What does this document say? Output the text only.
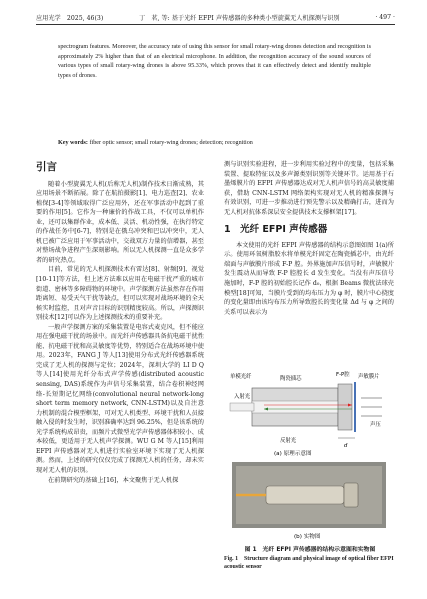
应用光学　2025, 46(3)	丁　茗, 等: 基于光纤 EFPI 声传感器的多种类小型旋翼无人机探测与识别	· 497 ·
spectrogram features. Moreover, the accuracy rate of using this sensor for small rotary-wing drones detection and recognition is approximately 2% higher than that of an electrical microphone. In addition, the recognition accuracy of the sound sources of various types of small rotary-wing drones is above 95.33%, which proves that it can effectively detect and identify multiple types of drones.
Key words: fiber optic sensor; small rotary-wing drones; detection; recognition
引言

随着小型旋翼无人机(后称无人机)制作技术日渐成熟，其应用场景不断拓展。除了在航拍摄影[1]、电力巡查[2]、农业植保[3-4]等领域取得广泛应用外，还在军事活动中起到了重要的作用[5]。它作为一种廉价的作战工具，不仅可以单机作业，还可以集群作业，成本低、灵活、机动性强，在执行特定的作战任务中[6-7]，特别是在俄乌冲突和巴以冲突中，无人机已被广泛应用于军事活动中，交战双方力量的信增器，甚至对整场战争进程产生深刻影响。所以无人机探测一直是众多学者的研究热点。

目前，常见的无人机探测技术有雷达[8]、射频[9]、视觉[10-11]等方法，但上述方法难以应用在电磁干扰严重的城市街道、密林等多障碍物的环境中。声学探测方法虽然存在作用距离短、易受天气干扰等缺点，但可以实现对战场环境的全天候实时监控，且对声音目标的识别精度较高。所以，声探测识别技术[12]可以作为上述探测技术的重要补充。

一般声学探测方案的采集装置是电容式麦克风，但不能应用在强电磁干扰的场景中。而光纤声传感器具备抗电磁干扰性能、抗电磁干扰和高灵敏度等优势，特别适合在战场环境中使用。2023年，FANG J 等人[13]使用分布式光纤传感器系统完成了无人机的探测与定位；2024年，深圳大学的 LI D Q 等人[14]使用光纤分布式声学传感(distributed acoustic sensing, DAS)系统作为声信号采集装置，结合卷积神经网络-长短期记忆网络(convolutional neural network-long short term memory network, CNN-LSTM)以及自注意力机制的混合模型框架，可对无人机类型、环境干扰和人员接触入侵的时发生时，识别准确率达到 96.25%，但是该系统的光学系统构成昂贵，而频片式微型光学声传感器体积较小、成本较低，更适用于无人机声学探测。WU G M 等人[15]利用 EFPI 声传感器对无人机进行实验室环境下实现了无人机探测。然而，上述的研究仅仅完成了探测无人机的任务，却未实现对无人机的识别。

在前期研究的基础上[16]，本文聚焦于无人机探

测与识别实验进程，进一步利用实验过程中的变量，包括采集装置、提取特征以及多声源类别识别等关键环节。运用基于石墨烯膜片的 EFPI 声传感器达成对无人机声信号的高灵敏度捕获，借助 CNN-LSTM 网络架构实现对无人机的精准探测与有效识别，可进一步推动进行预先警示以及精确打击，进而为无人机对抗体系深层安全提供技术支撑框架[17]。

1　光纤 EFPI 声传感器

本文使用的光纤 EFPI 声传感器的结构示意图如图 1(a)所示。使用环氧树脂胶水将单模光纤固定在陶瓷插芯中，由光纤端面与声敏膜片形成 F-P 腔。外界施加声压信号时，声敏膜片发生震动从而导致 F-P 腔腔长 d 发生变化。当没有声压信号施加时，F-P 腔的初始腔长记作 d₀，根据 Beams 微扰法球壳模型[18]可知，当膜片受到的均布压力为 φ 时，膜片中心挠度的变化量即由该均布压力所导致腔长的变化量 Δd 与 φ 之间的关系可以表示为

单模光纤
入射光
反射光
陶瓷插芯
F-P腔 声敏膜片
声压
d
(a) 原理示意图
(b) 实物图
图 1　光纤 EFPI 声传感器的结构示意图和实物图
Fig. 1　Structure diagram and physical image of optical fiber EFPI acoustic sensor
